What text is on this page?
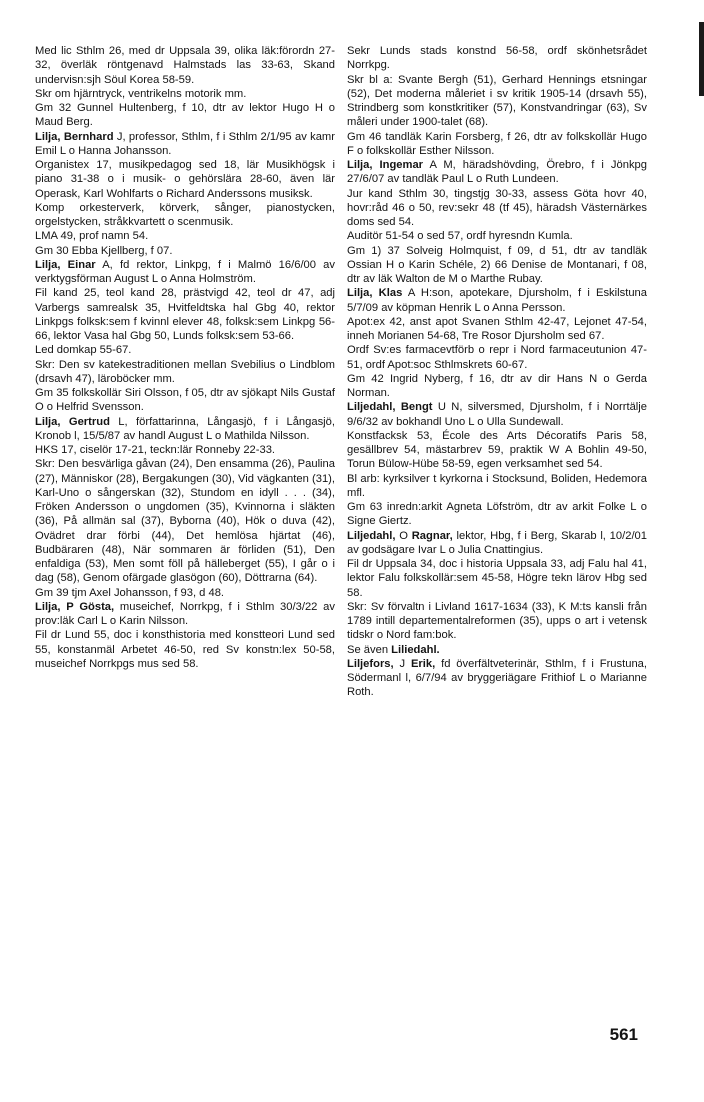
Med lic Sthlm 26, med dr Uppsala 39, olika läk:förordn 27-32, överläk röntgenavd Halmstads las 33-63, Skand undervisn:sjh Söul Korea 58-59.

Skr om hjärntryck, ventrikelns motorik mm.

Gm 32 Gunnel Hultenberg, f 10, dtr av lektor Hugo H o Maud Berg.

Lilja, Bernhard J, professor, Sthlm, f i Sthlm 2/1/95 av kamr Emil L o Hanna Johansson.

Organistex 17, musikpedagog sed 18, lär Musikhögsk i piano 31-38 o i musik- o gehörslära 28-60, även lär Operask, Karl Wohlfarts o Richard Anderssons musiksk.

Komp orkesterverk, körverk, sånger, pianostycken, orgelstycken, stråkkvartett o scenmusik.

LMA 49, prof namn 54.

Gm 30 Ebba Kjellberg, f 07.

Lilja, Einar A, fd rektor, Linkpg, f i Malmö 16/6/00 av verktygsförman August L o Anna Holmström.

Fil kand 25, teol kand 28, prästvigd 42, teol dr 47, adj Varbergs samrealsk 35, Hvitfeldtska hal Gbg 40, rektor Linkpgs folksk:sem f kvinnl elever 48, folksk:sem Linkpg 56-66, lektor Vasa hal Gbg 50, Lunds folksk:sem 53-66.

Led domkap 55-67.

Skr: Den sv katekestraditionen mellan Svebilius o Lindblom (drsavh 47), läroböcker mm.

Gm 35 folkskollär Siri Olsson, f 05, dtr av sjökapt Nils Gustaf O o Helfrid Svensson.

Lilja, Gertrud L, författarinna, Långasjö, f i Långasjö, Kronob l, 15/5/87 av handl August L o Mathilda Nilsson.

HKS 17, ciselör 17-21, teckn:lär Ronneby 22-33.

Skr: Den besvärliga gåvan (24), Den ensamma (26), Paulina (27), Människor (28), Bergakungen (30), Vid vägkanten (31), Karl-Uno o sångerskan (32), Stundom en idyll . . . (34), Fröken Andersson o ungdomen (35), Kvinnorna i släkten (36), På allmän sal (37), Byborna (40), Hök o duva (42), Ovädret drar förbi (44), Det hemlösa hjärtat (46), Budbäraren (48), När sommaren är förliden (51), Den enfaldiga (53), Men somt föll på hälleberget (55), I går o i dag (58), Genom ofärgade glasögon (60), Döttrarna (64).

Gm 39 tjm Axel Johansson, f 93, d 48.

Lilja, P Gösta, museichef, Norrkpg, f i Sthlm 30/3/22 av prov:läk Carl L o Karin Nilsson.

Fil dr Lund 55, doc i konsthistoria med konstteori Lund sed 55, konstanmäl Arbetet 46-50, red Sv konstn:lex 50-58, museichef Norrkpgs mus sed 58.

Sekr Lunds stads konstnd 56-58, ordf skönhetsrådet Norrkpg.

Skr bl a: Svante Bergh (51), Gerhard Hennings etsningar (52), Det moderna måleriet i sv kritik 1905-14 (drsavh 55), Strindberg som konstkritiker (57), Konstvandringar (63), Sv måleri under 1900-talet (68).

Gm 46 tandläk Karin Forsberg, f 26, dtr av folkskollär Hugo F o folkskollär Esther Nilsson.

Lilja, Ingemar A M, häradshövding, Örebro, f i Jönkpg 27/6/07 av tandläk Paul L o Ruth Lundeen.

Jur kand Sthlm 30, tingstjg 30-33, assess Göta hovr 40, hovr:råd 46 o 50, rev:sekr 48 (tf 45), häradsh Västernärkes doms sed 54.

Auditör 51-54 o sed 57, ordf hyresndn Kumla.

Gm 1) 37 Solveig Holmquist, f 09, d 51, dtr av tandläk Ossian H o Karin Schéle, 2) 66 Denise de Montanari, f 08, dtr av läk Walton de M o Marthe Rubay.

Lilja, Klas A H:son, apotekare, Djursholm, f i Eskilstuna 5/7/09 av köpman Henrik L o Anna Persson.

Apot:ex 42, anst apot Svanen Sthlm 42-47, Lejonet 47-54, inneh Morianen 54-68, Tre Rosor Djursholm sed 67.

Ordf Sv:es farmacevtförb o repr i Nord farmaceutunion 47-51, ordf Apot:soc Sthlmskrets 60-67.

Gm 42 Ingrid Nyberg, f 16, dtr av dir Hans N o Gerda Norman.

Liljedahl, Bengt U N, silversmed, Djursholm, f i Norrtälje 9/6/32 av bokhandl Uno L o Ulla Sundewall.

Konstfacksk 53, École des Arts Décoratifs Paris 58, gesällbrev 54, mästarbrev 59, praktik W A Bohlin 49-50, Torun Bülow-Hübe 58-59, egen verksamhet sed 54.

Bl arb: kyrksilver t kyrkorna i Stocksund, Boliden, Hedemora mfl.

Gm 63 inredn:arkit Agneta Löfström, dtr av arkit Folke L o Signe Giertz.

Liljedahl, O Ragnar, lektor, Hbg, f i Berg, Skarab l, 10/2/01 av godsägare Ivar L o Julia Cnattingius.

Fil dr Uppsala 34, doc i historia Uppsala 33, adj Falu hal 41, lektor Falu folkskollär:sem 45-58, Högre tekn lärov Hbg sed 58.

Skr: Sv förvaltn i Livland 1617-1634 (33), K M:ts kansli från 1789 intill departementalreformen (35), upps o art i vetensk tidskr o Nord fam:bok.

Se även Liliedahl.

Liljefors, J Erik, fd överfältveterinär, Sthlm, f i Frustuna, Södermanl l, 6/7/94 av bryggeriägare Frithiof L o Marianne Roth.

561
